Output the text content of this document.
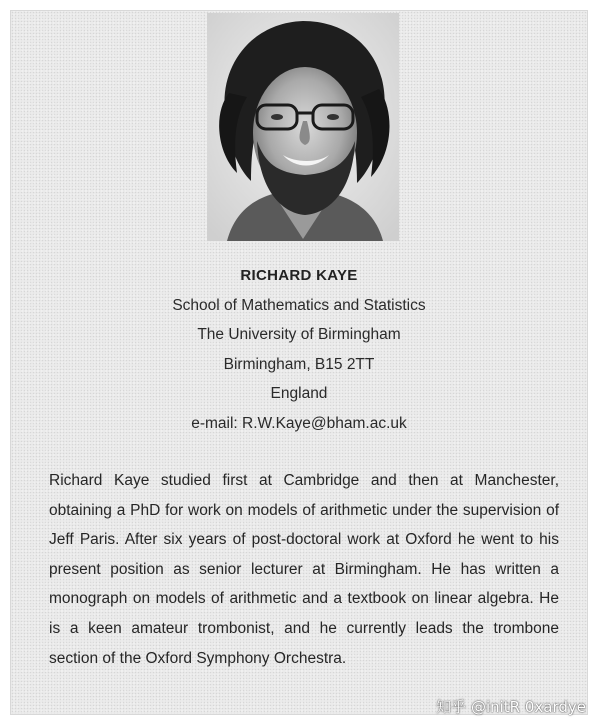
RICHARD KAYE
School of Mathematics and Statistics
The University of Birmingham
Birmingham, B15 2TT
England
e-mail: R.W.Kaye@bham.ac.uk
Richard Kaye studied first at Cambridge and then at Manchester, obtaining a PhD for work on models of arithmetic under the supervision of Jeff Paris. After six years of post-doctoral work at Oxford he went to his present position as senior lecturer at Birmingham. He has written a monograph on models of arithmetic and a textbook on linear algebra. He is a keen amateur trombonist, and he currently leads the trombone section of the Oxford Symphony Orchestra.
知乎 @initR 0xardye
